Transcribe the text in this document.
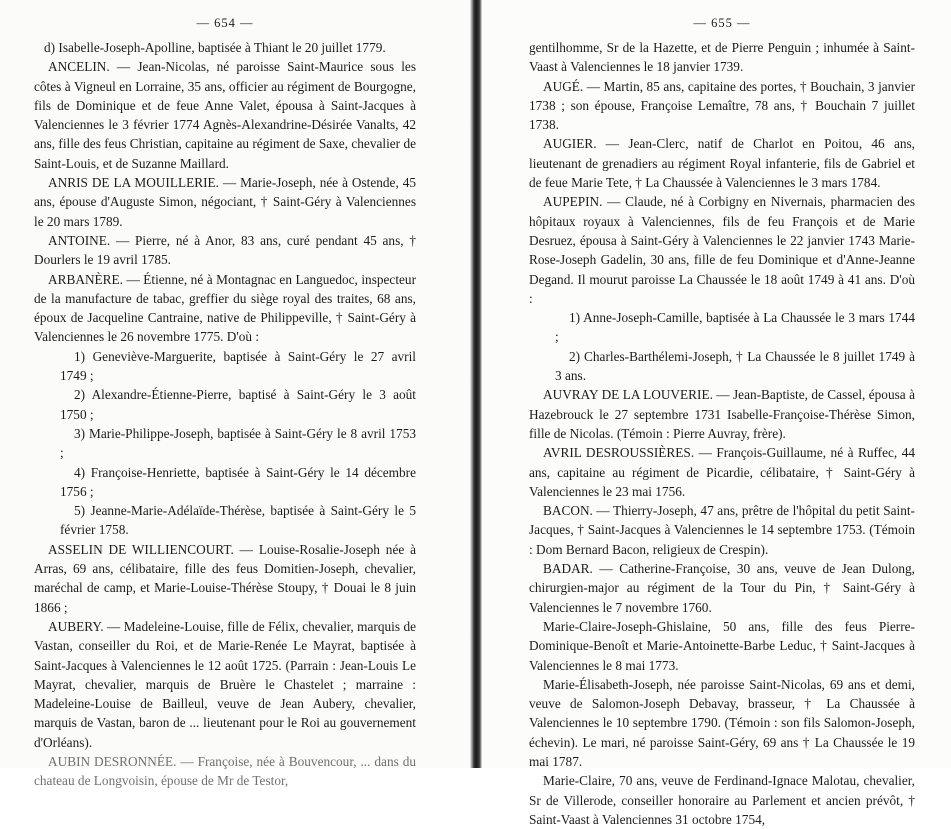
— 654 —

d) Isabelle-Joseph-Apolline, baptisée à Thiant le 20 juillet 1779.

ANCELIN. — Jean-Nicolas, né paroisse Saint-Maurice sous les côtes à Vigneul en Lorraine, 35 ans, officier au régiment de Bourgogne, fils de Dominique et de feue Anne Valet, épousa à Saint-Jacques à Valenciennes le 3 février 1774 Agnès-Alexandrine-Désirée Vanalts, 42 ans, fille des feus Christian, capitaine au régiment de Saxe, chevalier de Saint-Louis, et de Suzanne Maillard.

ANRIS DE LA MOUILLERIE. — Marie-Joseph, née à Ostende, 45 ans, épouse d'Auguste Simon, négociant, † Saint-Géry à Valenciennes le 20 mars 1789.

ANTOINE. — Pierre, né à Anor, 83 ans, curé pendant 45 ans, † Dourlers le 19 avril 1785.

ARBANÈRE. — Étienne, né à Montagnac en Languedoc, inspecteur de la manufacture de tabac, greffier du siège royal des traites, 68 ans, époux de Jacqueline Cantraine, native de Philippeville, † Saint-Géry à Valenciennes le 26 novembre 1775. D'où :

1) Geneviève-Marguerite, baptisée à Saint-Géry le 27 avril 1749 ;

2) Alexandre-Étienne-Pierre, baptisé à Saint-Géry le 3 août 1750 ;

3) Marie-Philippe-Joseph, baptisée à Saint-Géry le 8 avril 1753 ;

4) Françoise-Henriette, baptisée à Saint-Géry le 14 décembre 1756 ;

5) Jeanne-Marie-Adélaïde-Thérèse, baptisée à Saint-Géry le 5 février 1758.

ASSELIN DE WILLIENCOURT. — Louise-Rosalie-Joseph née à Arras, 69 ans, célibataire, fille des feus Domitien-Joseph, chevalier, maréchal de camp, et Marie-Louise-Thérèse Stoupy, † Douai le 8 juin 1866 ;

AUBERY. — Madeleine-Louise, fille de Félix, chevalier, marquis de Vastan, conseiller du Roi, et de Marie-Renée Le Mayrat, baptisée à Saint-Jacques à Valenciennes le 12 août 1725. (Parrain : Jean-Louis Le Mayrat, chevalier, marquis de Bruère le Chastelet ; marraine : Madeleine-Louise de Bailleul, veuve de Jean Aubery, chevalier, marquis de Vastan, baron de ... lieutenant pour le Roi au gouvernement d'Orléans).

AUBIN DESRONNÉE. — Françoise, née à Bouvencour, ... dans du chateau de Longvoisin, épouse de Mr de Testor,

— 655 —

gentilhomme, Sr de la Hazette, et de Pierre Penguin ; inhumée à Saint-Vaast à Valenciennes le 18 janvier 1739.

AUGÉ. — Martin, 85 ans, capitaine des portes, † Bouchain, 3 janvier 1738 ; son épouse, Françoise Lemaître, 78 ans, † Bouchain 7 juillet 1738.

AUGIER. — Jean-Clerc, natif de Charlot en Poitou, 46 ans, lieutenant de grenadiers au régiment Royal infanterie, fils de Gabriel et de feue Marie Tete, † La Chaussée à Valenciennes le 3 mars 1784.

AUPEPIN. — Claude, né à Corbigny en Nivernais, pharmacien des hôpitaux royaux à Valenciennes, fils de feu François et de Marie Desruez, épousa à Saint-Géry à Valenciennes le 22 janvier 1743 Marie-Rose-Joseph Gadelin, 30 ans, fille de feu Dominique et d'Anne-Jeanne Degand. Il mourut paroisse La Chaussée le 18 août 1749 à 41 ans. D'où :

1) Anne-Joseph-Camille, baptisée à La Chaussée le 3 mars 1744 ;

2) Charles-Barthélemi-Joseph, † La Chaussée le 8 juillet 1749 à 3 ans.

AUVRAY DE LA LOUVERIE. — Jean-Baptiste, de Cassel, épousa à Hazebrouck le 27 septembre 1731 Isabelle-Françoise-Thérèse Simon, fille de Nicolas. (Témoin : Pierre Auvray, frère).

AVRIL DESROUSSIÈRES. — François-Guillaume, né à Ruffec, 44 ans, capitaine au régiment de Picardie, célibataire, † Saint-Géry à Valenciennes le 23 mai 1756.

BACON. — Thierry-Joseph, 47 ans, prêtre de l'hôpital du petit Saint-Jacques, † Saint-Jacques à Valenciennes le 14 septembre 1753. (Témoin : Dom Bernard Bacon, religieux de Crespin).

BADAR. — Catherine-Françoise, 30 ans, veuve de Jean Dulong, chirurgien-major au régiment de la Tour du Pin, † Saint-Géry à Valenciennes le 7 novembre 1760.

Marie-Claire-Joseph-Ghislaine, 50 ans, fille des feus Pierre-Dominique-Benoît et Marie-Antoinette-Barbe Leduc, † Saint-Jacques à Valenciennes le 8 mai 1773.

Marie-Élisabeth-Joseph, née paroisse Saint-Nicolas, 69 ans et demi, veuve de Salomon-Joseph Debavay, brasseur, † La Chaussée à Valenciennes le 10 septembre 1790. (Témoin : son fils Salomon-Joseph, échevin). Le mari, né paroisse Saint-Géry, 69 ans † La Chaussée le 19 mai 1787.

Marie-Claire, 70 ans, veuve de Ferdinand-Ignace Malotau, chevalier, Sr de Villerode, conseiller honoraire au Parlement et ancien prévôt, † Saint-Vaast à Valenciennes 31 octobre 1754,
